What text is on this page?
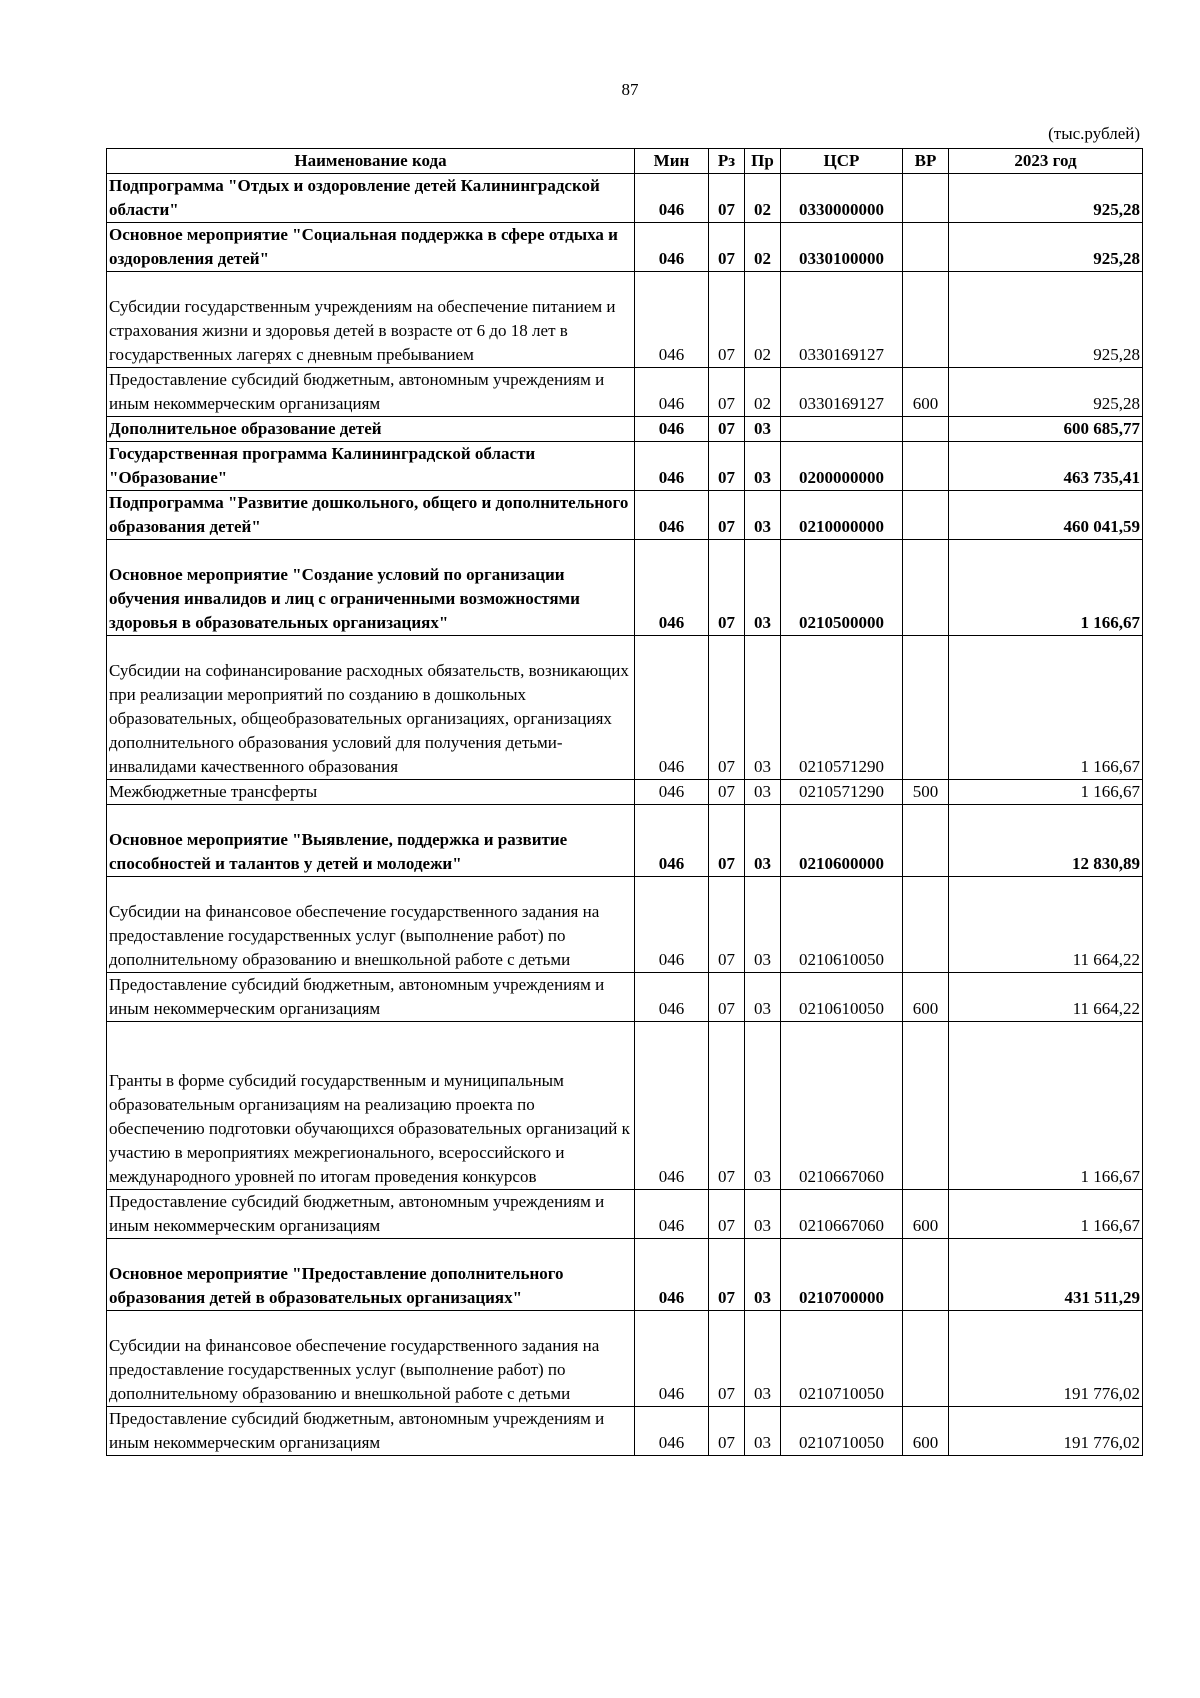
87
(тыс.рублей)
Наименование кода	Мин	Рз	Пр	ЦСР	ВР	2023 год
Подпрограмма "Отдых и оздоровление детей Калининградской области"	046	07	02	0330000000		925,28
Основное мероприятие "Социальная поддержка в сфере отдыха и оздоровления детей"	046	07	02	0330100000		925,28
Субсидии государственным учреждениям на обеспечение питанием и страхования жизни и здоровья детей в возрасте от 6 до 18 лет в государственных лагерях с дневным пребыванием	046	07	02	0330169127		925,28
Предоставление субсидий бюджетным, автономным учреждениям и иным некоммерческим организациям	046	07	02	0330169127	600	925,28
Дополнительное образование детей	046	07	03			600 685,77
Государственная программа Калининградской области "Образование"	046	07	03	0200000000		463 735,41
Подпрограмма "Развитие дошкольного, общего и дополнительного образования детей"	046	07	03	0210000000		460 041,59
Основное мероприятие "Создание условий по организации обучения инвалидов и лиц с ограниченными возможностями здоровья в образовательных организациях"	046	07	03	0210500000		1 166,67
Субсидии на софинансирование расходных обязательств, возникающих при реализации мероприятий по созданию в дошкольных образовательных, общеобразовательных организациях, организациях дополнительного образования условий для получения детьми-инвалидами качественного образования	046	07	03	0210571290		1 166,67
Межбюджетные трансферты	046	07	03	0210571290	500	1 166,67
Основное мероприятие "Выявление, поддержка и развитие способностей и талантов у детей и молодежи"	046	07	03	0210600000		12 830,89
Субсидии на финансовое обеспечение государственного задания на предоставление государственных услуг (выполнение работ) по дополнительному образованию и внешкольной работе с детьми	046	07	03	0210610050		11 664,22
Предоставление субсидий бюджетным, автономным учреждениям и иным некоммерческим организациям	046	07	03	0210610050	600	11 664,22
Гранты в форме субсидий государственным и муниципальным образовательным организациям на реализацию проекта по обеспечению подготовки обучающихся образовательных организаций к участию в мероприятиях межрегионального, всероссийского и международного уровней по итогам проведения конкурсов	046	07	03	0210667060		1 166,67
Предоставление субсидий бюджетным, автономным учреждениям и иным некоммерческим организациям	046	07	03	0210667060	600	1 166,67
Основное мероприятие "Предоставление дополнительного образования детей в образовательных организациях"	046	07	03	0210700000		431 511,29
Субсидии на финансовое обеспечение государственного задания на предоставление государственных услуг (выполнение работ) по дополнительному образованию и внешкольной работе с детьми	046	07	03	0210710050		191 776,02
Предоставление субсидий бюджетным, автономным учреждениям и иным некоммерческим организациям	046	07	03	0210710050	600	191 776,02
